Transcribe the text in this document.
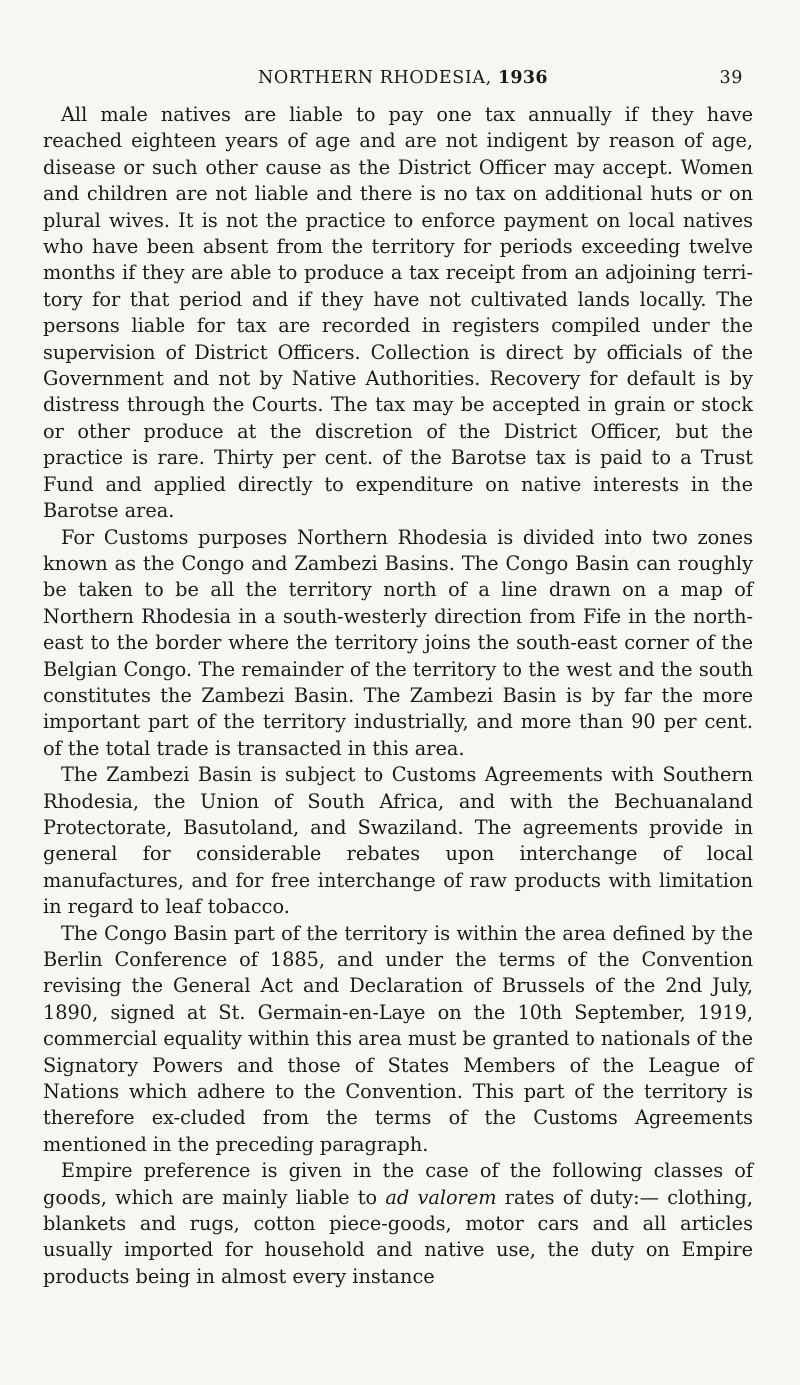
NORTHERN RHODESIA, 1936	39

All male natives are liable to pay one tax annually if they have reached eighteen years of age and are not indigent by reason of age, disease or such other cause as the District Officer may accept. Women and children are not liable and there is no tax on additional huts or on plural wives. It is not the practice to enforce payment on local natives who have been absent from the territory for periods exceeding twelve months if they are able to produce a tax receipt from an adjoining terri-tory for that period and if they have not cultivated lands locally. The persons liable for tax are recorded in registers compiled under the supervision of District Officers. Collection is direct by officials of the Government and not by Native Authorities. Recovery for default is by distress through the Courts. The tax may be accepted in grain or stock or other produce at the discretion of the District Officer, but the practice is rare. Thirty per cent. of the Barotse tax is paid to a Trust Fund and applied directly to expenditure on native interests in the Barotse area.

For Customs purposes Northern Rhodesia is divided into two zones known as the Congo and Zambezi Basins. The Congo Basin can roughly be taken to be all the territory north of a line drawn on a map of Northern Rhodesia in a south-westerly direction from Fife in the north-east to the border where the territory joins the south-east corner of the Belgian Congo. The remainder of the territory to the west and the south constitutes the Zambezi Basin. The Zambezi Basin is by far the more important part of the territory industrially, and more than 90 per cent. of the total trade is transacted in this area.

The Zambezi Basin is subject to Customs Agreements with Southern Rhodesia, the Union of South Africa, and with the Bechuanaland Protectorate, Basutoland, and Swaziland. The agreements provide in general for considerable rebates upon interchange of local manufactures, and for free interchange of raw products with limitation in regard to leaf tobacco.

The Congo Basin part of the territory is within the area defined by the Berlin Conference of 1885, and under the terms of the Convention revising the General Act and Declaration of Brussels of the 2nd July, 1890, signed at St. Germain-en-Laye on the 10th September, 1919, commercial equality within this area must be granted to nationals of the Signatory Powers and those of States Members of the League of Nations which adhere to the Convention. This part of the territory is therefore ex-cluded from the terms of the Customs Agreements mentioned in the preceding paragraph.

Empire preference is given in the case of the following classes of goods, which are mainly liable to ad valorem rates of duty:— clothing, blankets and rugs, cotton piece-goods, motor cars and all articles usually imported for household and native use, the duty on Empire products being in almost every instance
